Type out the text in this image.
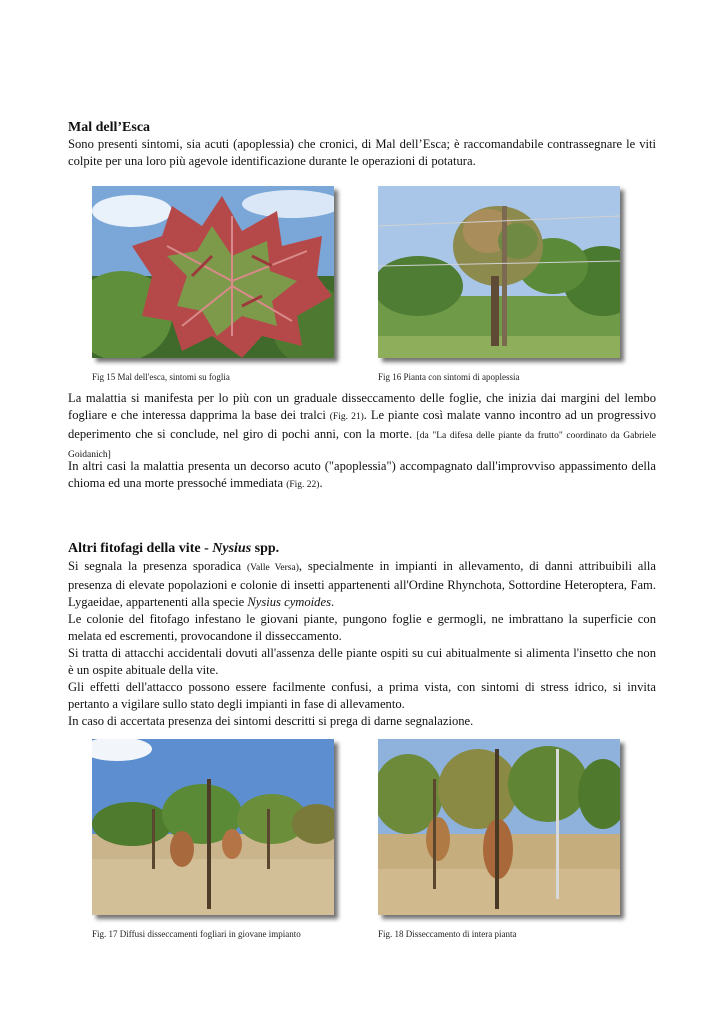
Mal dell’Esca
Sono presenti sintomi, sia acuti (apoplessia) che cronici, di Mal dell’Esca; è raccomandabile contrassegnare le viti colpite per una loro più agevole identificazione durante le operazioni di potatura.
Fig 15 Mal dell'esca, sintomi su foglia	Fig 16 Pianta con sintomi di apoplessia
La malattia si manifesta per lo più con un graduale disseccamento delle foglie, che inizia dai margini del lembo fogliare e che interessa dapprima la base dei tralci (Fig. 21). Le piante così malate vanno incontro ad un progressivo deperimento che si conclude, nel giro di pochi anni, con la morte. [da "La difesa delle piante da frutto" coordinato da Gabriele Goidanich]
In altri casi la malattia presenta un decorso acuto ("apoplessia") accompagnato dall'improvviso appassimento della chioma ed una morte pressoché immediata (Fig. 22).
Altri fitofagi della vite - Nysius spp.
Si segnala la presenza sporadica (Valle Versa), specialmente in impianti in allevamento, di danni attribuibili alla presenza di elevate popolazioni e colonie di insetti appartenenti all'Ordine Rhynchota, Sottordine Heteroptera, Fam. Lygaeidae, appartenenti alla specie Nysius cymoides.
Le colonie del fitofago infestano le giovani piante, pungono foglie e germogli, ne imbrattano la superficie con melata ed escrementi, provocandone il disseccamento.
Si tratta di attacchi accidentali dovuti all'assenza delle piante ospiti su cui abitualmente si alimenta l'insetto che non è un ospite abituale della vite.
Gli effetti dell'attacco possono essere facilmente confusi, a prima vista, con sintomi di stress idrico, si invita pertanto a vigilare sullo stato degli impianti in fase di allevamento.
In caso di accertata presenza dei sintomi descritti si prega di darne segnalazione.
Fig. 17 Diffusi disseccamenti fogliari in giovane impianto	Fig. 18 Disseccamento di intera pianta
